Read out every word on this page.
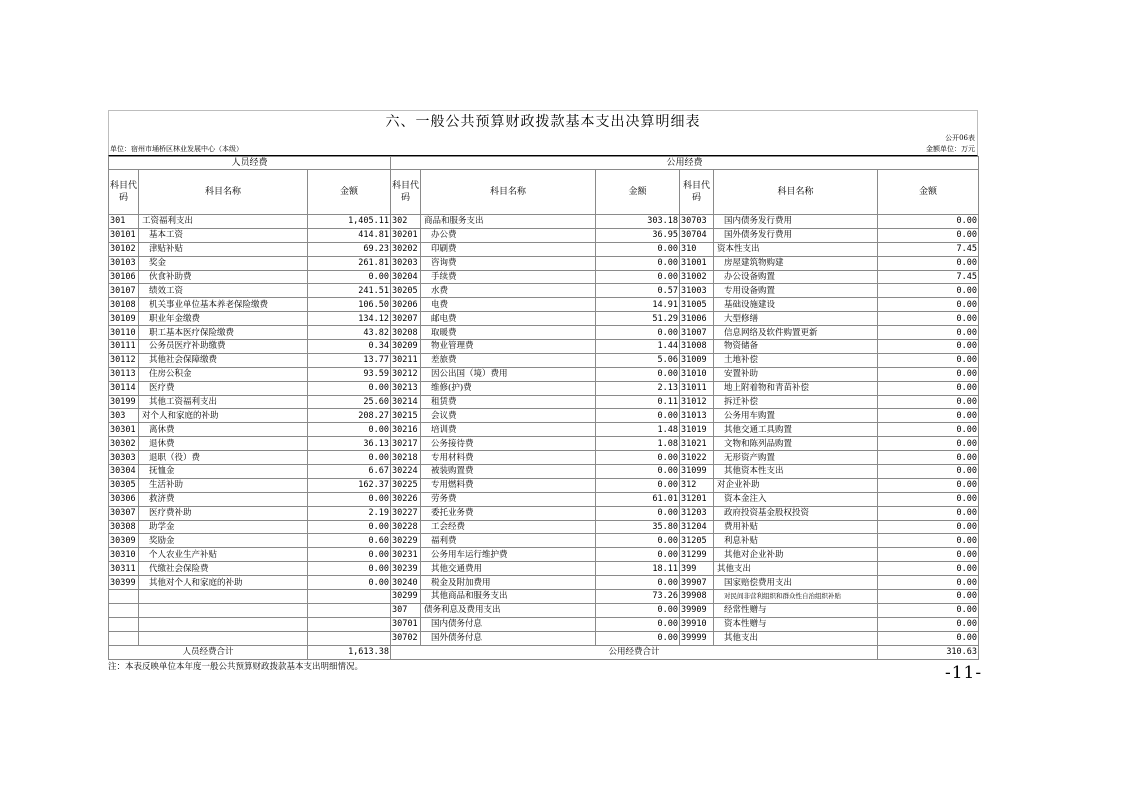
六、一般公共预算财政拨款基本支出决算明细表
公开06表
单位：宿州市埇桥区林业发展中心（本级）	金额单位：万元
人员经费			公用经费					
科目代码	科目名称	金额	科目代码	科目名称	金额	科目代码	科目名称	金额
301	工资福利支出	1,405.11	302	商品和服务支出	303.18	30703	国内债务发行费用	0.00
30101	基本工资	414.81	30201	办公费	36.95	30704	国外债务发行费用	0.00
30102	津贴补贴	69.23	30202	印刷费	0.00	310	资本性支出	7.45
30103	奖金	261.81	30203	咨询费	0.00	31001	房屋建筑物购建	0.00
30106	伙食补助费	0.00	30204	手续费	0.00	31002	办公设备购置	7.45
30107	绩效工资	241.51	30205	水费	0.57	31003	专用设备购置	0.00
30108	机关事业单位基本养老保险缴费	106.50	30206	电费	14.91	31005	基础设施建设	0.00
30109	职业年金缴费	134.12	30207	邮电费	51.29	31006	大型修缮	0.00
30110	职工基本医疗保险缴费	43.82	30208	取暖费	0.00	31007	信息网络及软件购置更新	0.00
30111	公务员医疗补助缴费	0.34	30209	物业管理费	1.44	31008	物资储备	0.00
30112	其他社会保障缴费	13.77	30211	差旅费	5.06	31009	土地补偿	0.00
30113	住房公积金	93.59	30212	因公出国（境）费用	0.00	31010	安置补助	0.00
30114	医疗费	0.00	30213	维修(护)费	2.13	31011	地上附着物和青苗补偿	0.00
30199	其他工资福利支出	25.60	30214	租赁费	0.11	31012	拆迁补偿	0.00
303	对个人和家庭的补助	208.27	30215	会议费	0.00	31013	公务用车购置	0.00
30301	离休费	0.00	30216	培训费	1.48	31019	其他交通工具购置	0.00
30302	退休费	36.13	30217	公务接待费	1.08	31021	文物和陈列品购置	0.00
30303	退职（役）费	0.00	30218	专用材料费	0.00	31022	无形资产购置	0.00
30304	抚恤金	6.67	30224	被装购置费	0.00	31099	其他资本性支出	0.00
30305	生活补助	162.37	30225	专用燃料费	0.00	312	对企业补助	0.00
30306	救济费	0.00	30226	劳务费	61.01	31201	资本金注入	0.00
30307	医疗费补助	2.19	30227	委托业务费	0.00	31203	政府投资基金股权投资	0.00
30308	助学金	0.00	30228	工会经费	35.80	31204	费用补贴	0.00
30309	奖励金	0.60	30229	福利费	0.00	31205	利息补贴	0.00
30310	个人农业生产补贴	0.00	30231	公务用车运行维护费	0.00	31299	其他对企业补助	0.00
30311	代缴社会保险费	0.00	30239	其他交通费用	18.11	399	其他支出	0.00
30399	其他对个人和家庭的补助	0.00	30240	税金及附加费用	0.00	39907	国家赔偿费用支出	0.00
			30299	其他商品和服务支出	73.26	39908	对民间非营利组织和群众性自治组织补贴	0.00
			307	债务利息及费用支出	0.00	39909	经常性赠与	0.00
			30701	国内债务付息	0.00	39910	资本性赠与	0.00
			30702	国外债务付息	0.00	39999	其他支出	0.00
人员经费合计		1,613.38	公用经费合计					310.63
注：本表反映单位本年度一般公共预算财政拨款基本支出明细情况。	-11-
